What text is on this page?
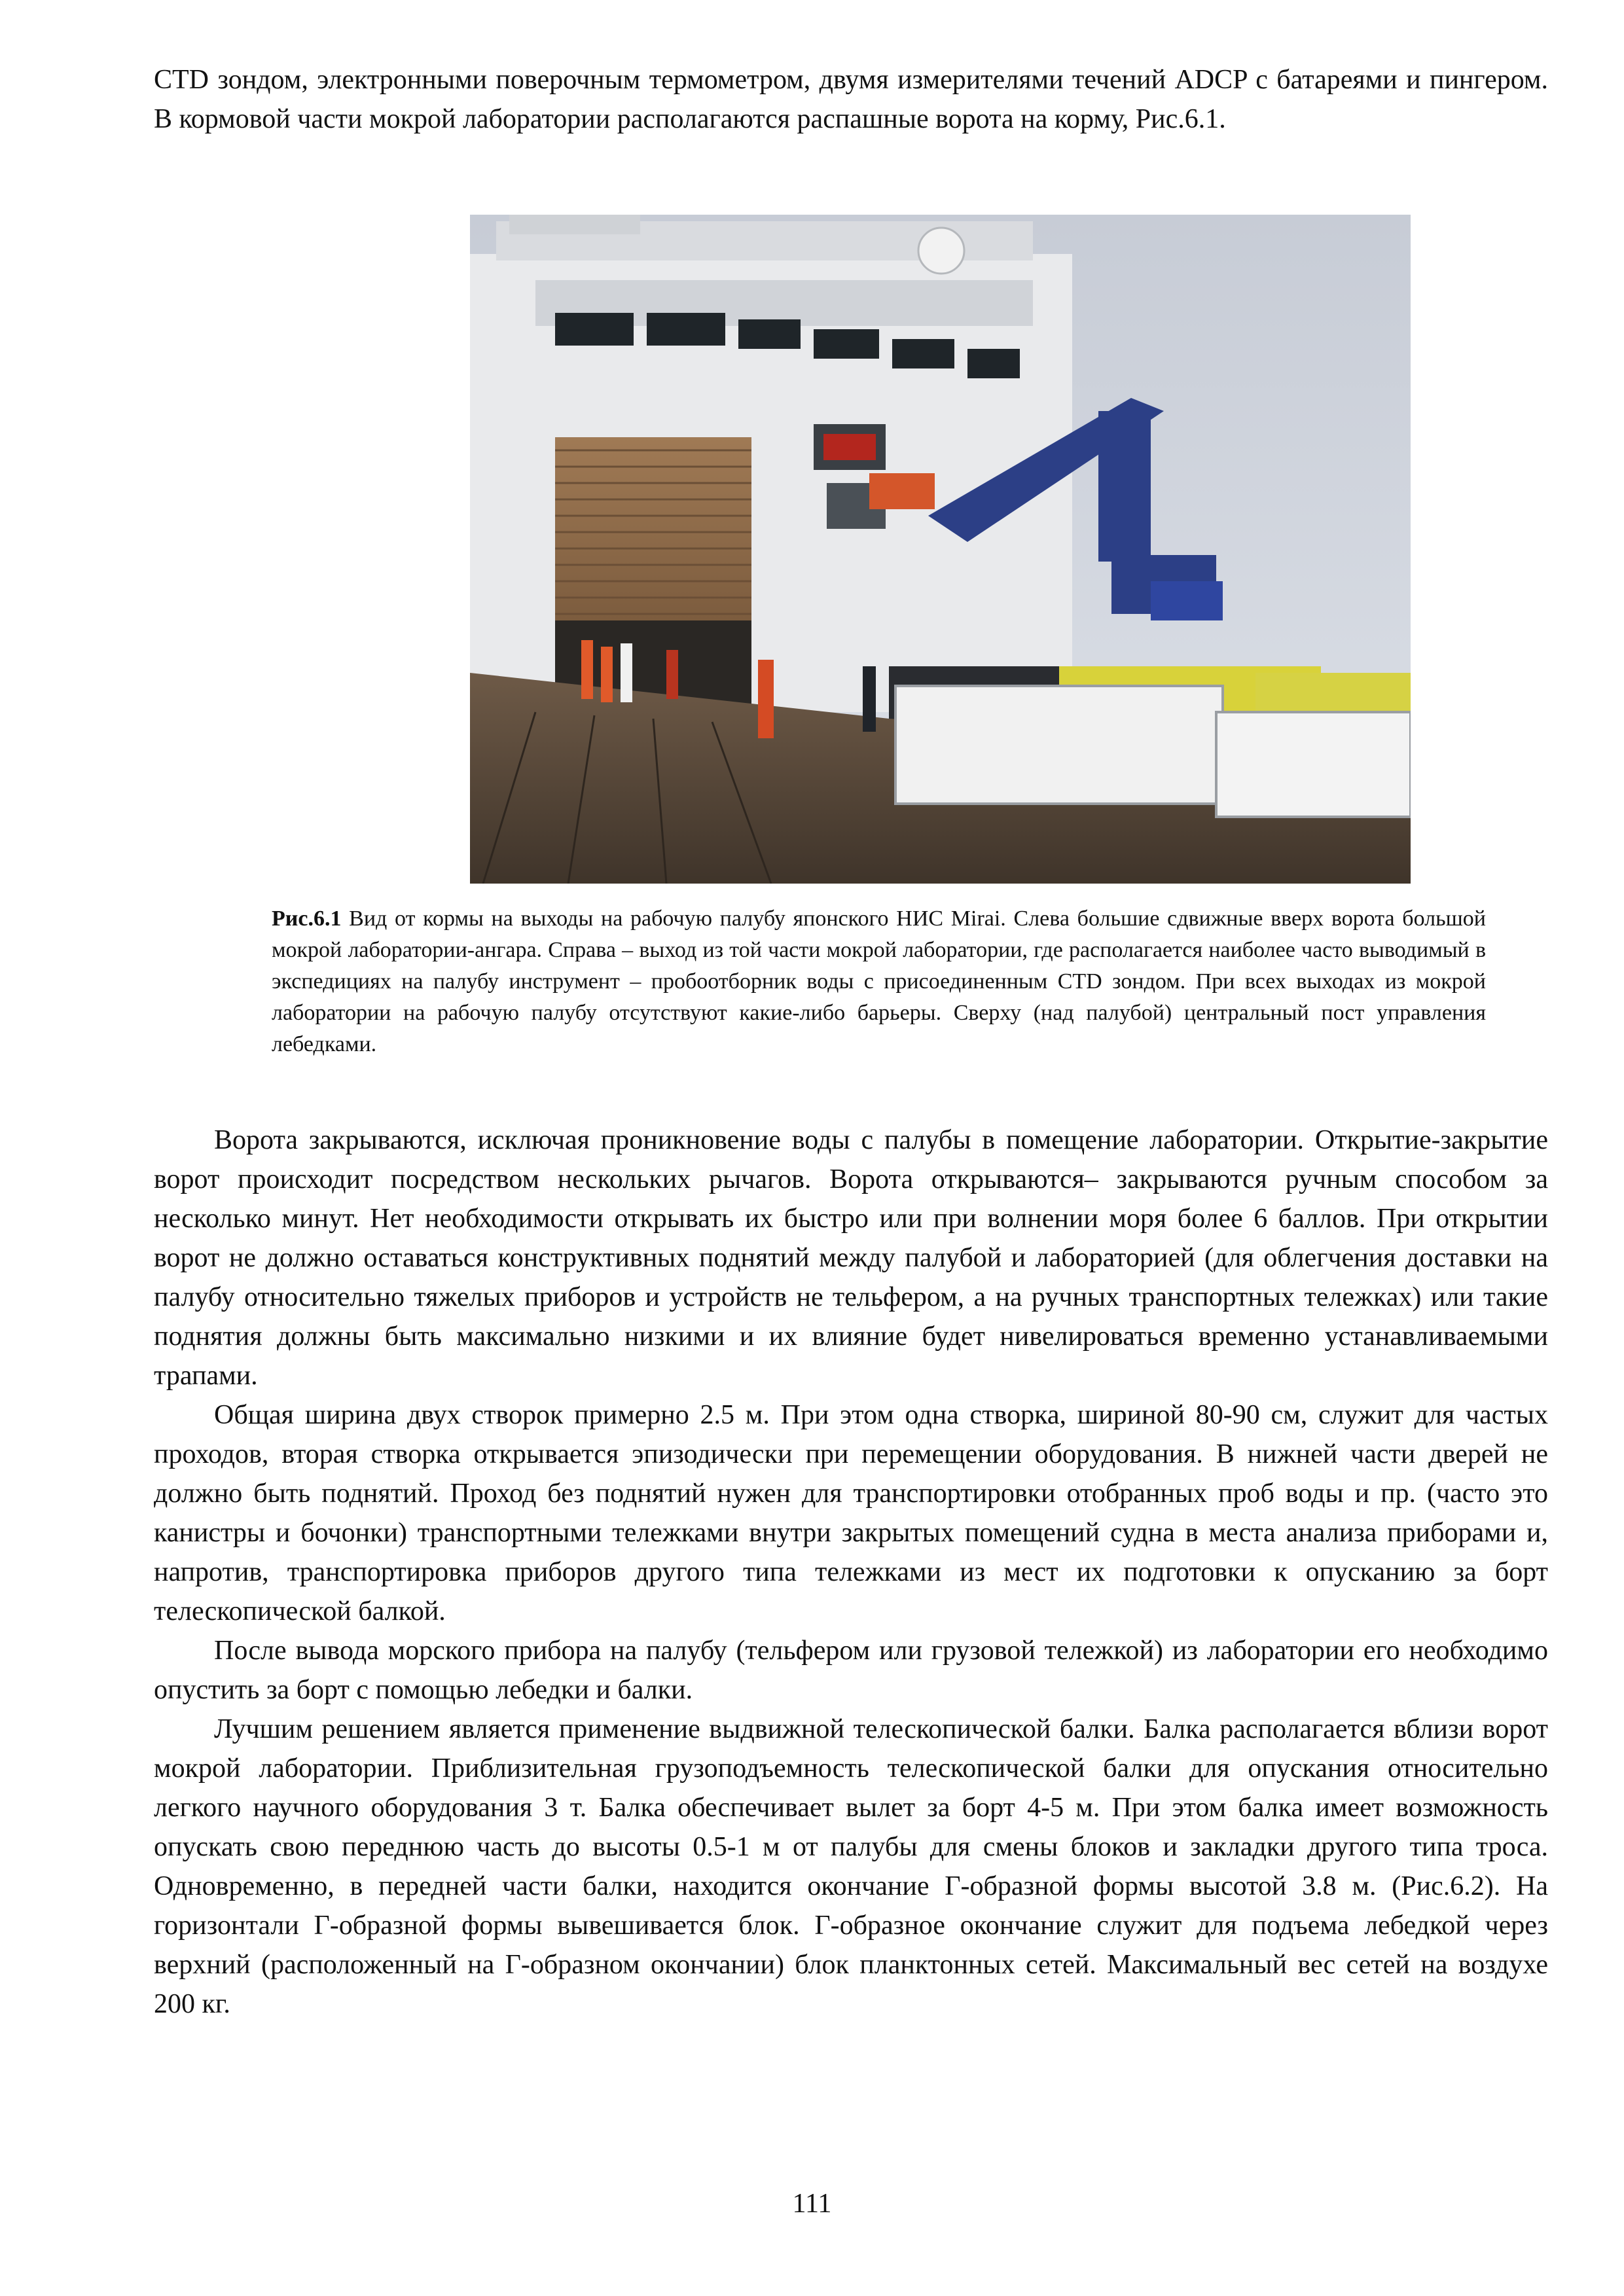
CTD зондом, электронными поверочным термометром, двумя измерителями течений ADCP с батареями и пингером. В кормовой части мокрой лаборатории располагаются распашные ворота на корму, Рис.6.1.

Рис.6.1 Вид от кормы на выходы на рабочую палубу японского НИС Mirai. Слева большие сдвижные вверх ворота большой мокрой лаборатории-ангара. Справа – выход из той части мокрой лаборатории, где располагается наиболее часто выводимый в экспедициях на палубу инструмент – пробоотборник воды с присоединенным CTD зондом. При всех выходах из мокрой лаборатории на рабочую палубу отсутствуют какие-либо барьеры. Сверху (над палубой) центральный пост управления лебедками.

Ворота закрываются, исключая проникновение воды с палубы в помещение лаборатории. Открытие-закрытие ворот происходит посредством нескольких рычагов. Ворота открываются– закрываются ручным способом за несколько минут. Нет необходимости открывать их быстро или при волнении моря более 6 баллов. При открытии ворот не должно оставаться конструктивных поднятий между палубой и лабораторией (для облегчения доставки на палубу относительно тяжелых приборов и устройств не тельфером, а на ручных транспортных тележках) или такие поднятия должны быть максимально низкими и их влияние будет нивелироваться временно устанавливаемыми трапами.

Общая ширина двух створок примерно 2.5 м. При этом одна створка, шириной 80-90 см, служит для частых проходов, вторая створка открывается эпизодически при перемещении оборудования. В нижней части дверей не должно быть поднятий. Проход без поднятий нужен для транспортировки отобранных проб воды и пр. (часто это канистры и бочонки) транспортными тележками внутри закрытых помещений судна в места анализа приборами и, напротив, транспортировка приборов другого типа тележками из мест их подготовки к опусканию за борт телескопической балкой.

После вывода морского прибора на палубу (тельфером или грузовой тележкой) из лаборатории его необходимо опустить за борт с помощью лебедки и балки.

Лучшим решением является применение выдвижной телескопической балки. Балка располагается вблизи ворот мокрой лаборатории. Приблизительная грузоподъемность телескопической балки для опускания относительно легкого научного оборудования 3 т. Балка обеспечивает вылет за борт 4-5 м. При этом балка имеет возможность опускать свою переднюю часть до высоты 0.5-1 м от палубы для смены блоков и закладки другого типа троса. Одновременно, в передней части балки, находится окончание Г-образной формы высотой 3.8 м. (Рис.6.2). На горизонтали Г-образной формы вывешивается блок. Г-образное окончание служит для подъема лебедкой через верхний (расположенный на Г-образном окончании) блок планктонных сетей. Максимальный вес сетей на воздухе 200 кг.

111
